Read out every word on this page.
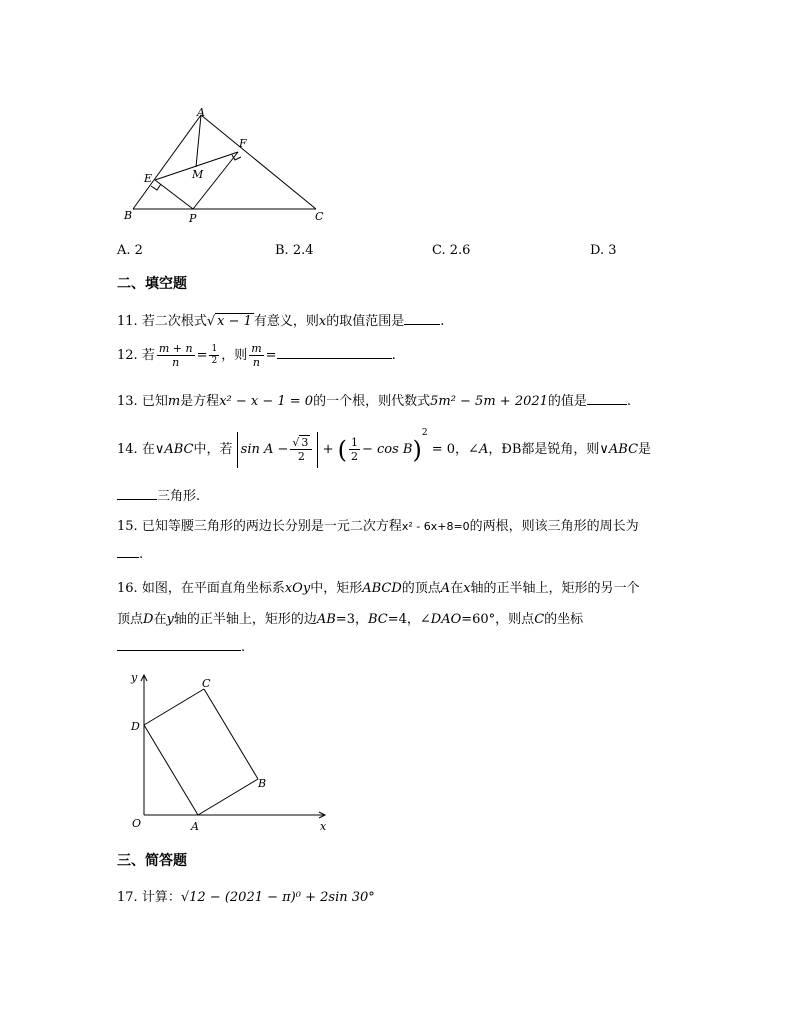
A
F
E	M
B	P	C
A. 2	B. 2.4	C. 2.6	D. 3
二、填空题
11. 若二次根式√ x − 1 有意义，则x的取值范围是	.
12. 若 $\frac{m + n}{n} = \frac{1}{2}$ ，则 $\frac{m}{n}$ =	.
13. 已知m是方程x² − x − 1 = 0的一个根，则代数式5m² − 5m + 2021的值是	.
14. 在∨ABC中，若 $\sin A - \frac{√ 3}{2}$ + ( $\frac{1}{2} - \cos B)^2 = 0$，∠A，ÐB都是锐角，则∨ABC是
三角形.
15. 已知等腰三角形的两边长分别是一元二次方程x² - 6x+8=0的两根，则该三角形的周长为
.
16. 如图，在平面直角坐标系xOy中，矩形ABCD的顶点A在x轴的正半轴上，矩形的另一个
顶点D在y轴的正半轴上，矩形的边AB=3，BC=4，∠DAO=60°，则点C的坐标
.
y
x
O	A
B
C
D
三、简答题
17. 计算：√12 − (2021 − π)⁰ + 2sin 30°
